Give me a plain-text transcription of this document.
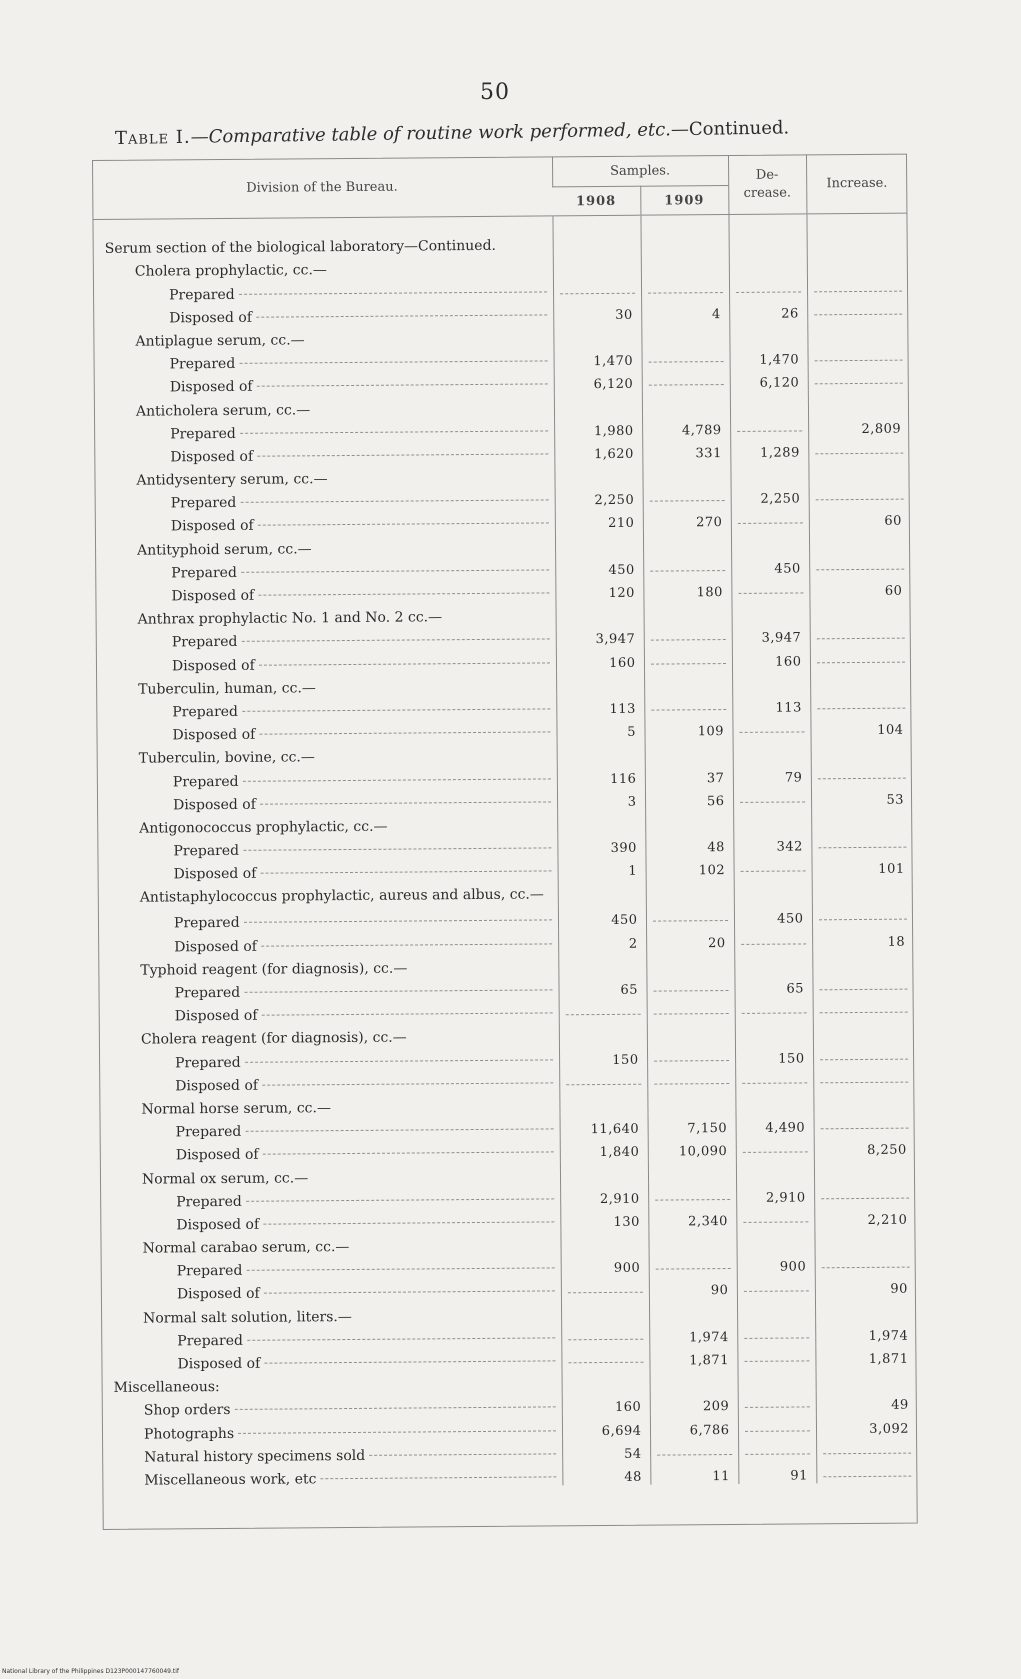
50
Table I.—Comparative table of routine work performed, etc.—Continued.
Division of the Bureau.	Samples.		De-
crease.	Increase.
	1908	1909		

Serum section of the biological laboratory—Continued.				
Cholera prophylactic, cc.—				

Prepared				

Disposed of	30	4	26	

Antiplague serum, cc.—				

Prepared	1,470		1,470	

Disposed of	6,120		6,120	

Anticholera serum, cc.—				

Prepared	1,980	4,789		2,809

Disposed of	1,620	331	1,289	

Antidysentery serum, cc.—				

Prepared	2,250		2,250	

Disposed of	210	270		60
Antityphoid serum, cc.—				

Prepared	450		450	

Disposed of	120	180		60
Anthrax prophylactic No. 1 and No. 2 cc.—				

Prepared	3,947		3,947	

Disposed of	160		160	

Tuberculin, human, cc.—				

Prepared	113		113	

Disposed of	5	109		104
Tuberculin, bovine, cc.—				

Prepared	116	37	79	

Disposed of	3	56		53
Antigonococcus prophylactic, cc.—				

Prepared	390	48	342	

Disposed of	1	102		101
Antistaphylococcus prophylactic, aureus and albus, cc.—				

Prepared	450		450	

Disposed of	2	20		18
Typhoid reagent (for diagnosis), cc.—				

Prepared	65		65	

Disposed of				

Cholera reagent (for diagnosis), cc.—				

Prepared	150		150	

Disposed of				

Normal horse serum, cc.—				

Prepared	11,640	7,150	4,490	

Disposed of	1,840	10,090		8,250
Normal ox serum, cc.—				

Prepared	2,910		2,910	

Disposed of	130	2,340		2,210
Normal carabao serum, cc.—				

Prepared	900		900	

Disposed of		90		90
Normal salt solution, liters.—				

Prepared		1,974		1,974

Disposed of		1,871		1,871
Miscellaneous:				

Shop orders	160	209		49

Photographs	6,694	6,786		3,092

Natural history specimens sold	54	

Miscellaneous work, etc	48	11	91	
National Library of the Philippines D123P000147760049.tif
